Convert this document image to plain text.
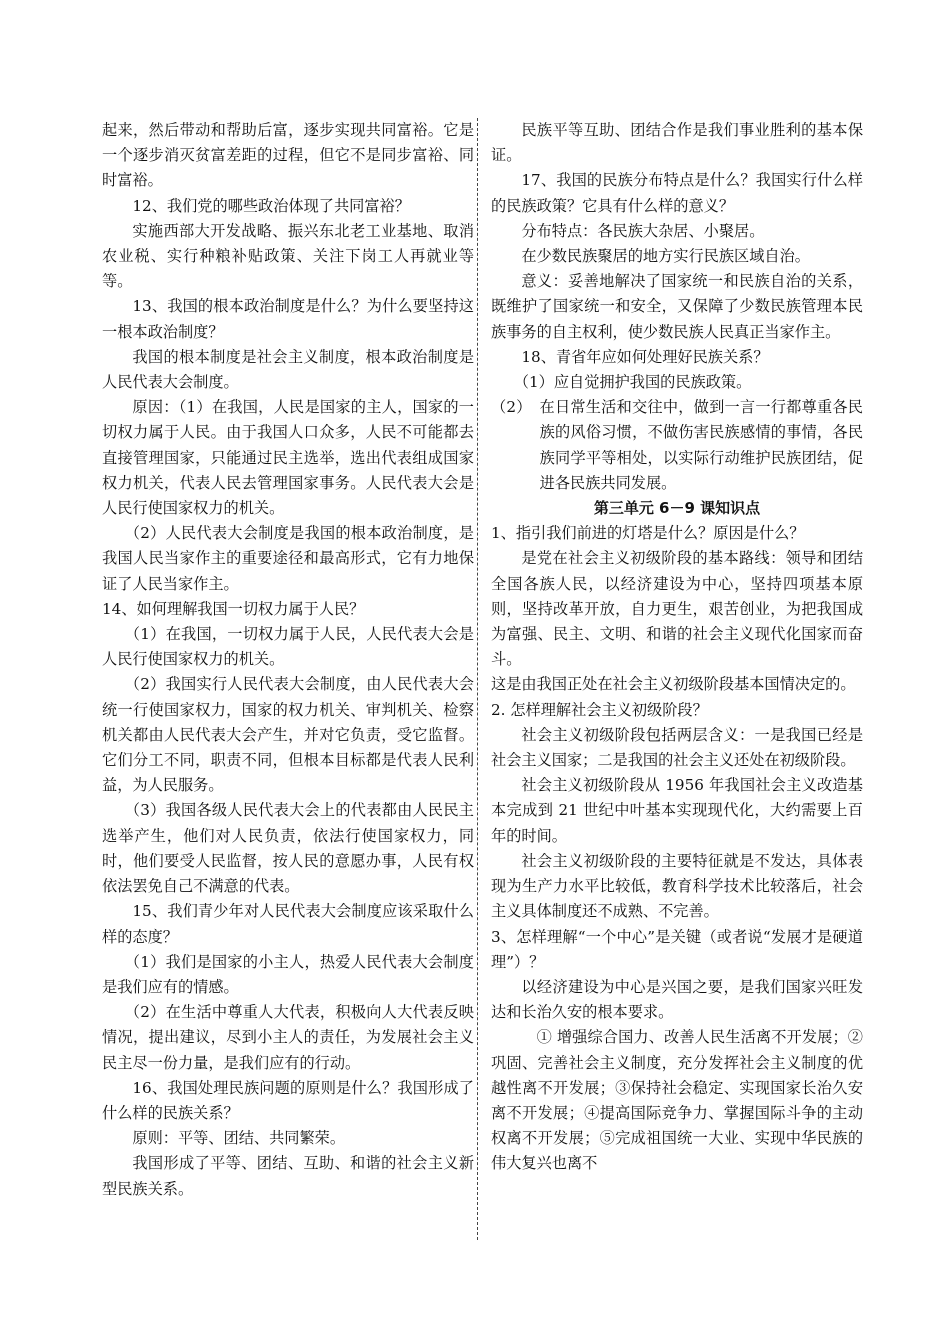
起来，然后带动和帮助后富，逐步实现共同富裕。它是一个逐步消灭贫富差距的过程，但它不是同步富裕、同时富裕。

12、我们党的哪些政治体现了共同富裕？

实施西部大开发战略、振兴东北老工业基地、取消农业税、实行种粮补贴政策、关注下岗工人再就业等等。

13、我国的根本政治制度是什么？为什么要坚持这一根本政治制度？

我国的根本制度是社会主义制度，根本政治制度是人民代表大会制度。

原因：（1）在我国，人民是国家的主人，国家的一切权力属于人民。由于我国人口众多，人民不可能都去直接管理国家，只能通过民主选举，选出代表组成国家权力机关，代表人民去管理国家事务。人民代表大会是人民行使国家权力的机关。

（2）人民代表大会制度是我国的根本政治制度，是我国人民当家作主的重要途径和最高形式，它有力地保证了人民当家作主。

14、如何理解我国一切权力属于人民？

（1）在我国，一切权力属于人民，人民代表大会是人民行使国家权力的机关。

（2）我国实行人民代表大会制度，由人民代表大会统一行使国家权力，国家的权力机关、审判机关、检察机关都由人民代表大会产生，并对它负责，受它监督。它们分工不同，职责不同，但根本目标都是代表人民利益，为人民服务。

（3）我国各级人民代表大会上的代表都由人民民主选举产生，他们对人民负责，依法行使国家权力，同时，他们要受人民监督，按人民的意愿办事，人民有权依法罢免自己不满意的代表。

15、我们青少年对人民代表大会制度应该采取什么样的态度？

（1）我们是国家的小主人，热爱人民代表大会制度是我们应有的情感。

（2）在生活中尊重人大代表，积极向人大代表反映情况，提出建议，尽到小主人的责任，为发展社会主义民主尽一份力量，是我们应有的行动。

16、我国处理民族问题的原则是什么？我国形成了什么样的民族关系？

原则：平等、团结、共同繁荣。

我国形成了平等、团结、互助、和谐的社会主义新型民族关系。

民族平等互助、团结合作是我们事业胜利的基本保证。

17、我国的民族分布特点是什么？我国实行什么样的民族政策？它具有什么样的意义？

分布特点：各民族大杂居、小聚居。

在少数民族聚居的地方实行民族区域自治。

意义：妥善地解决了国家统一和民族自治的关系，既维护了国家统一和安全，又保障了少数民族管理本民族事务的自主权利，使少数民族人民真正当家作主。

18、青省年应如何处理好民族关系？

（1）应自觉拥护我国的民族政策。

（2）　在日常生活和交往中，做到一言一行都尊重各民族的风俗习惯，不做伤害民族感情的事情，各民族同学平等相处，以实际行动维护民族团结，促进各民族共同发展。

第三单元 6－9 课知识点

1、指引我们前进的灯塔是什么？原因是什么？

是党在社会主义初级阶段的基本路线：领导和团结全国各族人民，以经济建设为中心，坚持四项基本原则，坚持改革开放，自力更生，艰苦创业，为把我国成为富强、民主、文明、和谐的社会主义现代化国家而奋斗。

这是由我国正处在社会主义初级阶段基本国情决定的。

2. 怎样理解社会主义初级阶段？

社会主义初级阶段包括两层含义：一是我国已经是社会主义国家；二是我国的社会主义还处在初级阶段。

社会主义初级阶段从 1956 年我国社会主义改造基本完成到 21 世纪中叶基本实现现代化，大约需要上百年的时间。

社会主义初级阶段的主要特征就是不发达，具体表现为生产力水平比较低，教育科学技术比较落后，社会主义具体制度还不成熟、不完善。

3、怎样理解“一个中心”是关键（或者说“发展才是硬道理”）？

以经济建设为中心是兴国之要，是我们国家兴旺发达和长治久安的根本要求。

① 增强综合国力、改善人民生活离不开发展；②巩固、完善社会主义制度，充分发挥社会主义制度的优越性离不开发展；③保持社会稳定、实现国家长治久安离不开发展；④提高国际竞争力、掌握国际斗争的主动权离不开发展；⑤完成祖国统一大业、实现中华民族的伟大复兴也离不
